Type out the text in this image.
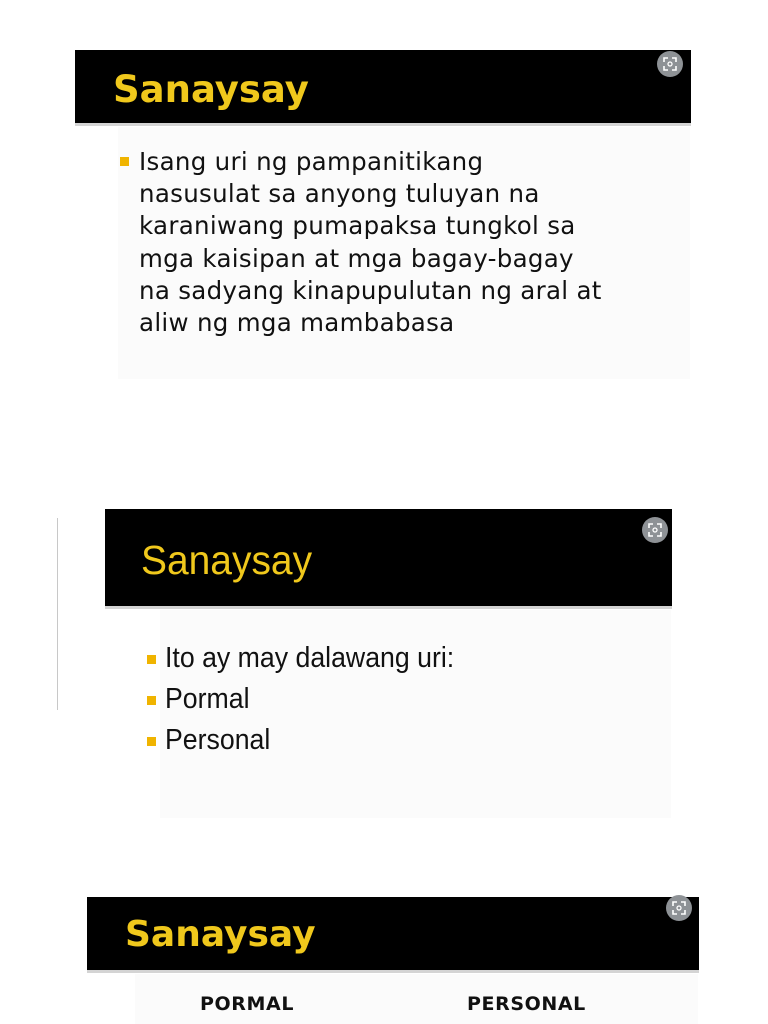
Sanaysay
Isang uri ng pampanitikang
nasusulat sa anyong tuluyan na
karaniwang pumapaksa tungkol sa
mga kaisipan at mga bagay-bagay
na sadyang kinapupulutan ng aral at
aliw ng mga mambabasa
Sanaysay
Ito ay may dalawang uri:
Pormal
Personal
Sanaysay
PORMAL	PERSONAL
